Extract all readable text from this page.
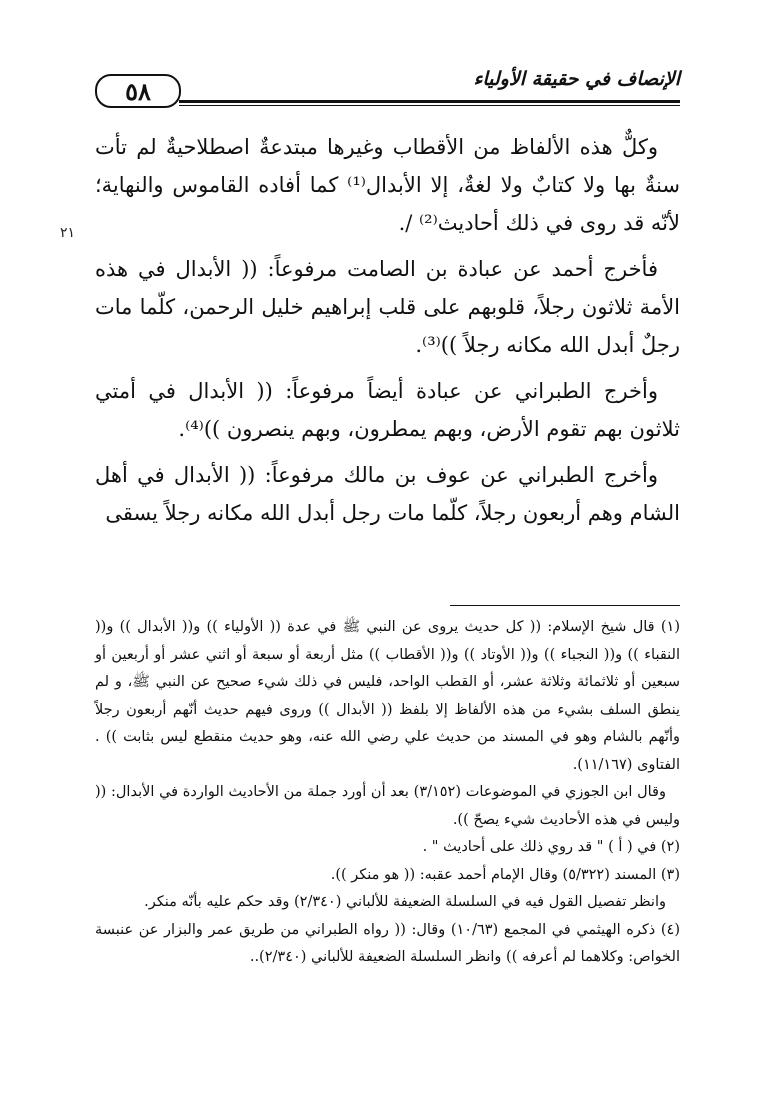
٥٨	الإنصاف في حقيقة الأولياء
٢١

وكلٌّ هذه الألفاظ من الأقطاب وغيرها مبتدعةٌ اصطلاحيةٌ لم تأت سنةٌ بها ولا كتابٌ ولا لغةٌ، إلا الأبدال⁽¹⁾ كما أفاده القاموس والنهاية؛ لأنّه قد روى في ذلك أحاديث⁽²⁾ /.

فأخرج أحمد عن عبادة بن الصامت مرفوعاً: (( الأبدال في هذه الأمة ثلاثون رجلاً، قلوبهم على قلب إبراهيم خليل الرحمن، كلّما مات رجلٌ أبدل الله مكانه رجلاً ))⁽³⁾.

وأخرج الطبراني عن عبادة أيضاً مرفوعاً: (( الأبدال في أمتي ثلاثون بهم تقوم الأرض، وبهم يمطرون، وبهم ينصرون ))⁽⁴⁾.

وأخرج الطبراني عن عوف بن مالك مرفوعاً: (( الأبدال في أهل الشام وهم أربعون رجلاً، كلّما مات رجل أبدل الله مكانه رجلاً يسقى

(١) قال شيخ الإسلام: (( كل حديث يروى عن النبي ﷺ في عدة (( الأولياء )) و(( الأبدال )) و(( النقباء )) و(( النجباء )) و(( الأوتاد )) و(( الأقطاب )) مثل أربعة أو سبعة أو اثني عشر أو أربعين أو سبعين أو ثلاثمائة وثلاثة عشر، أو القطب الواحد، فليس في ذلك شيء صحيح عن النبي ﷺ، و لم ينطق السلف بشيء من هذه الألفاظ إلا بلفظ (( الأبدال )) وروى فيهم حديث أنّهم أربعون رجلاً وأنّهم بالشام وهو في المسند من حديث علي رضي الله عنه، وهو حديث منقطع ليس بثابت )) . الفتاوى (١١/١٦٧).

وقال ابن الجوزي في الموضوعات (٣/١٥٢) بعد أن أورد جملة من الأحاديث الواردة في الأبدال: (( وليس في هذه الأحاديث شيء يصحّ )).

(٢) في ( أ ) " قد روي ذلك على أحاديث " .

(٣) المسند (٥/٣٢٢) وقال الإمام أحمد عقبه: (( هو منكر )).

وانظر تفصيل القول فيه في السلسلة الضعيفة للألباني (٢/٣٤٠) وقد حكم عليه بأنّه منكر.

(٤) ذكره الهيثمي في المجمع (١٠/٦٣) وقال: (( رواه الطبراني من طريق عمر والبزار عن عنبسة الخواص: وكلاهما لم أعرفه )) وانظر السلسلة الضعيفة للألباني (٢/٣٤٠)..
